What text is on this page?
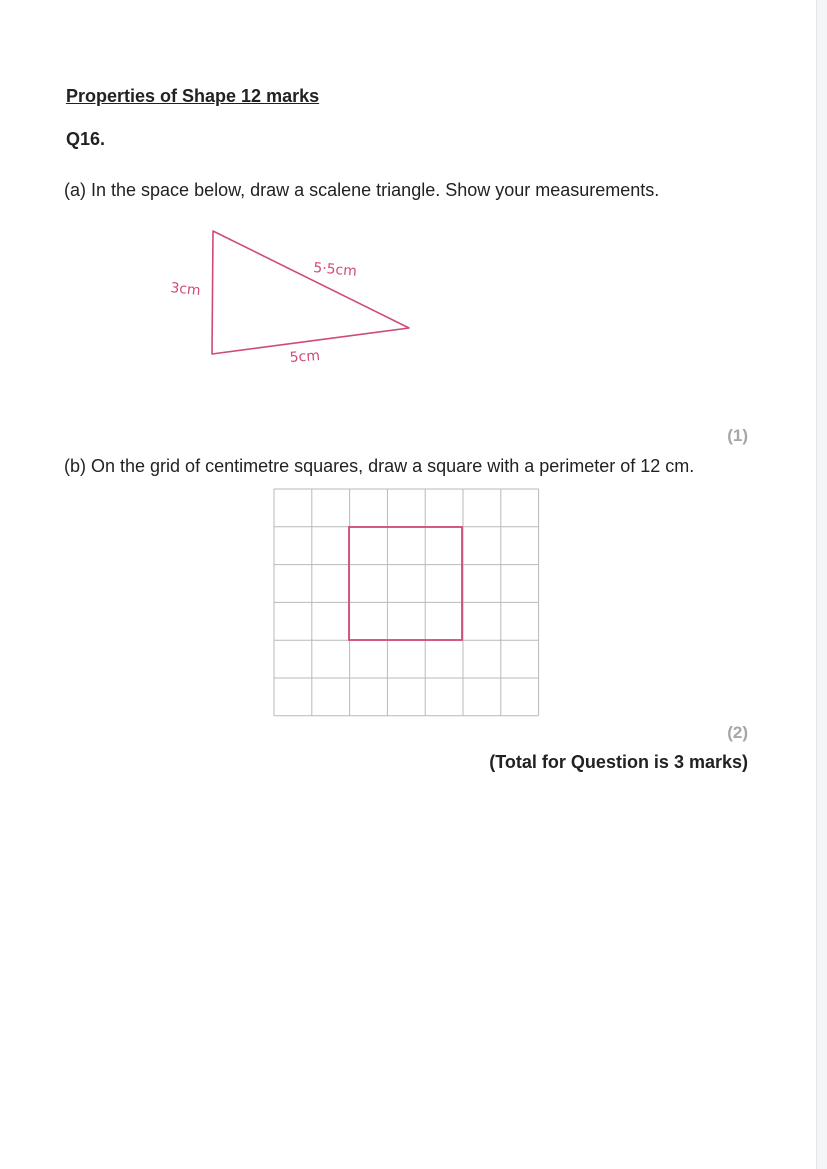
Properties of Shape 12 marks
Q16.

(a) In the space below, draw a scalene triangle. Show your measurements.

3cm
5·5cm
5cm
(1)

(b) On the grid of centimetre squares, draw a square with a perimeter of 12 cm.

(2)
(Total for Question is 3 marks)
